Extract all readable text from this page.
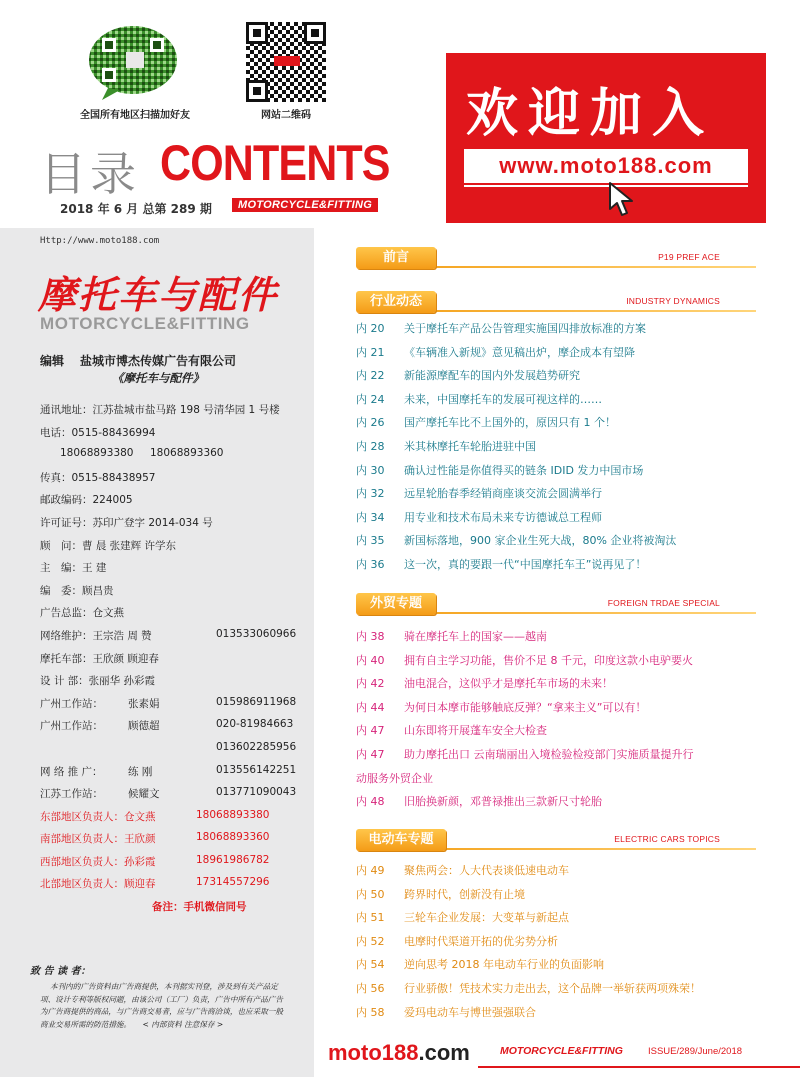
全国所有地区扫描加好友	网站二维码
目录 CONTENTS
2018 年 6 月 总第 289 期	MOTORCYCLE&FITTING
欢迎加入
www.moto188.com
Http://www.moto188.com
摩托车与配件
MOTORCYCLE&FITTING
编辑 盐城市博杰传媒广告有限公司
《摩托车与配件》
通讯地址：江苏盐城市盐马路 198 号清华园 1 号楼
电话：0515-88436994
18068893380 18068893360
传真：0515-88438957
邮政编码：224005
许可证号：苏印广登字 2014-034 号
顾　问：曹 晨 张建辉 许学东
主　编：王 建
编　委：顾昌贵
广告总监：仓文燕
网络维护：王宗浩 周 赞	013533060966
摩托车部：王欣颜 顾迎春
设 计 部：张丽华 孙彩霞
广州工作站： 张素娟	015986911968
广州工作站： 顾德超	020-81984663
013602285956
网 络 推 广： 练 刚	013556142251
江苏工作站： 候耀文	013771090043
东部地区负责人：仓文燕	18068893380
南部地区负责人：王欣颜	18068893360
西部地区负责人：孙彩霞	18961986782
北部地区负责人：顾迎春	17314557296
备注：手机微信同号
致 告 读 者：
本刊内的广告资料由广告商提供，本刊据实刊登，涉及到有关产品定项、设计专利等版权问题，由该公司（工厂）负责，广告中所有产品广告为广告商提供的商品，与广告商交易者，应与广告商洽谈，也应采取一般商业交易所需的防范措施。　　< 内部资料 注意保存 >
前言	P19 PREF ACE
行业动态	INDUSTRY DYNAMICS
内 20	关于摩托车产品公告管理实施国四排放标准的方案
内 21	《车辆准入新规》意见稿出炉，摩企成本有望降
内 22	新能源摩配车的国内外发展趋势研究
内 24	未来，中国摩托车的发展可视这样的……
内 26	国产摩托车比不上国外的，原因只有 1 个！
内 28	米其林摩托车轮胎进驻中国
内 30	确认过性能是你值得买的链条 IDID 发力中国市场
内 32	远星轮胎春季经销商座谈交流会圆满举行
内 34	用专业和技术布局未来专访德诚总工程师
内 35	新国标落地，900 家企业生死大战，80% 企业将被淘汰
内 36	这一次，真的要跟一代“中国摩托车王”说再见了！
外贸专题	FOREIGN TRDAE SPECIAL
内 38	骑在摩托车上的国家——越南
内 40	拥有自主学习功能，售价不足 8 千元，印度这款小电驴要火
内 42	油电混合，这似乎才是摩托车市场的未来！
内 44	为何日本摩市能够触底反弹？“拿来主义”可以有！
内 47	山东即将开展蓬车安全大检查
内 47	助力摩托出口 云南瑞丽出入境检验检疫部门实施质量提升行
动服务外贸企业
内 48	旧胎换新颜，邓普禄推出三款新尺寸轮胎
电动车专题	ELECTRIC CARS TOPICS
内 49	聚焦两会：人大代表谈低速电动车
内 50	跨界时代，创新没有止境
内 51	三轮车企业发展：大变革与新起点
内 52	电摩时代渠道开拓的优劣势分析
内 54	逆向思考 2018 年电动车行业的负面影响
内 56	行业骄傲！凭技术实力走出去，这个品牌一举斩获两项殊荣！
内 58	爱玛电动车与博世强强联合
moto188.com	MOTORCYCLE&FITTING	ISSUE/289/June/2018
